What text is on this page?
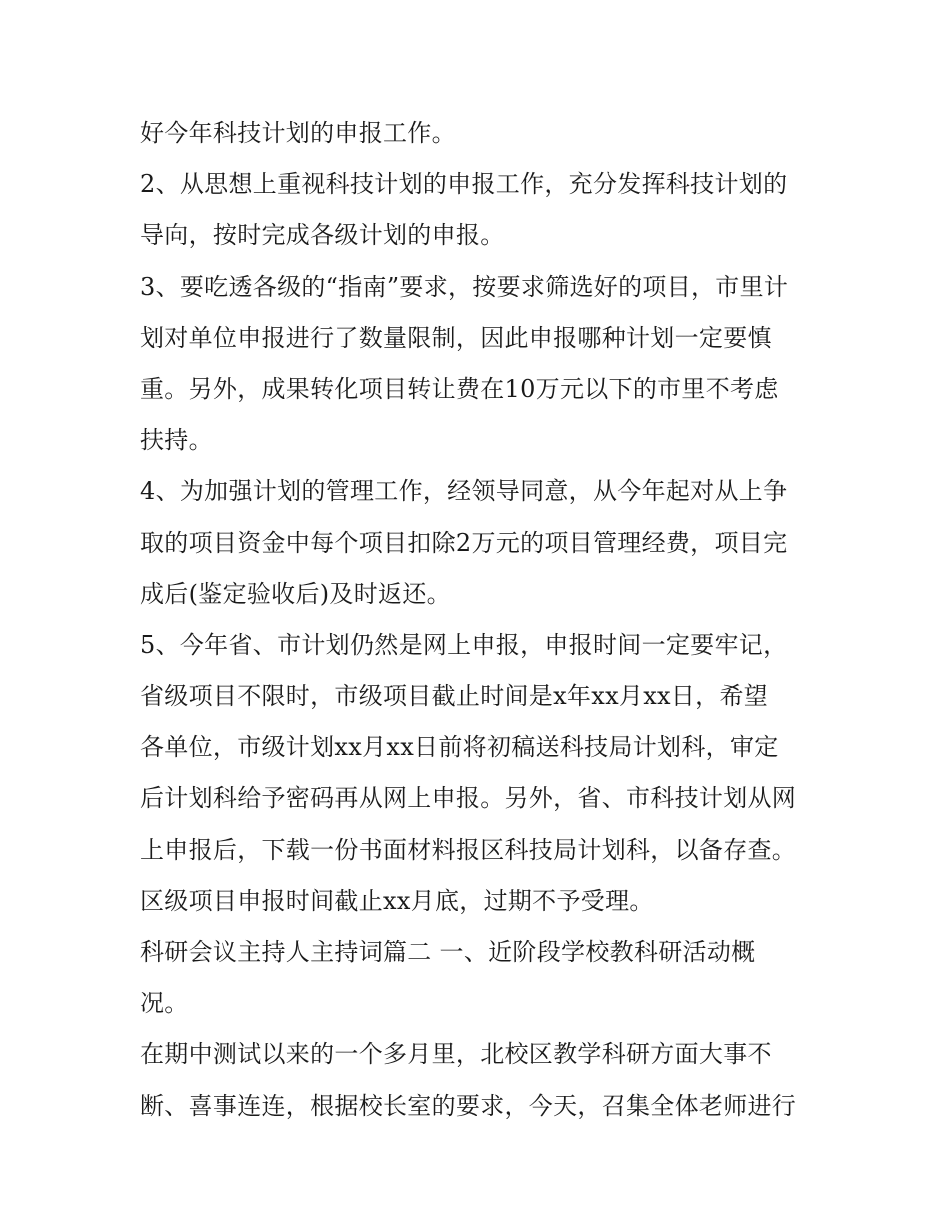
好今年科技计划的申报工作。
2、从思想上重视科技计划的申报工作，充分发挥科技计划的
导向，按时完成各级计划的申报。
3、要吃透各级的“指南”要求，按要求筛选好的项目，市里计
划对单位申报进行了数量限制，因此申报哪种计划一定要慎
重。另外，成果转化项目转让费在10万元以下的市里不考虑
扶持。
4、为加强计划的管理工作，经领导同意，从今年起对从上争
取的项目资金中每个项目扣除2万元的项目管理经费，项目完
成后(鉴定验收后)及时返还。
5、今年省、市计划仍然是网上申报，申报时间一定要牢记，
省级项目不限时，市级项目截止时间是x年xx月xx日，希望
各单位，市级计划xx月xx日前将初稿送科技局计划科，审定
后计划科给予密码再从网上申报。另外，省、市科技计划从网
上申报后，下载一份书面材料报区科技局计划科，以备存查。
区级项目申报时间截止xx月底，过期不予受理。
科研会议主持人主持词篇二 一、近阶段学校教科研活动概
况。
在期中测试以来的一个多月里，北校区教学科研方面大事不
断、喜事连连，根据校长室的要求，今天，召集全体老师进行
